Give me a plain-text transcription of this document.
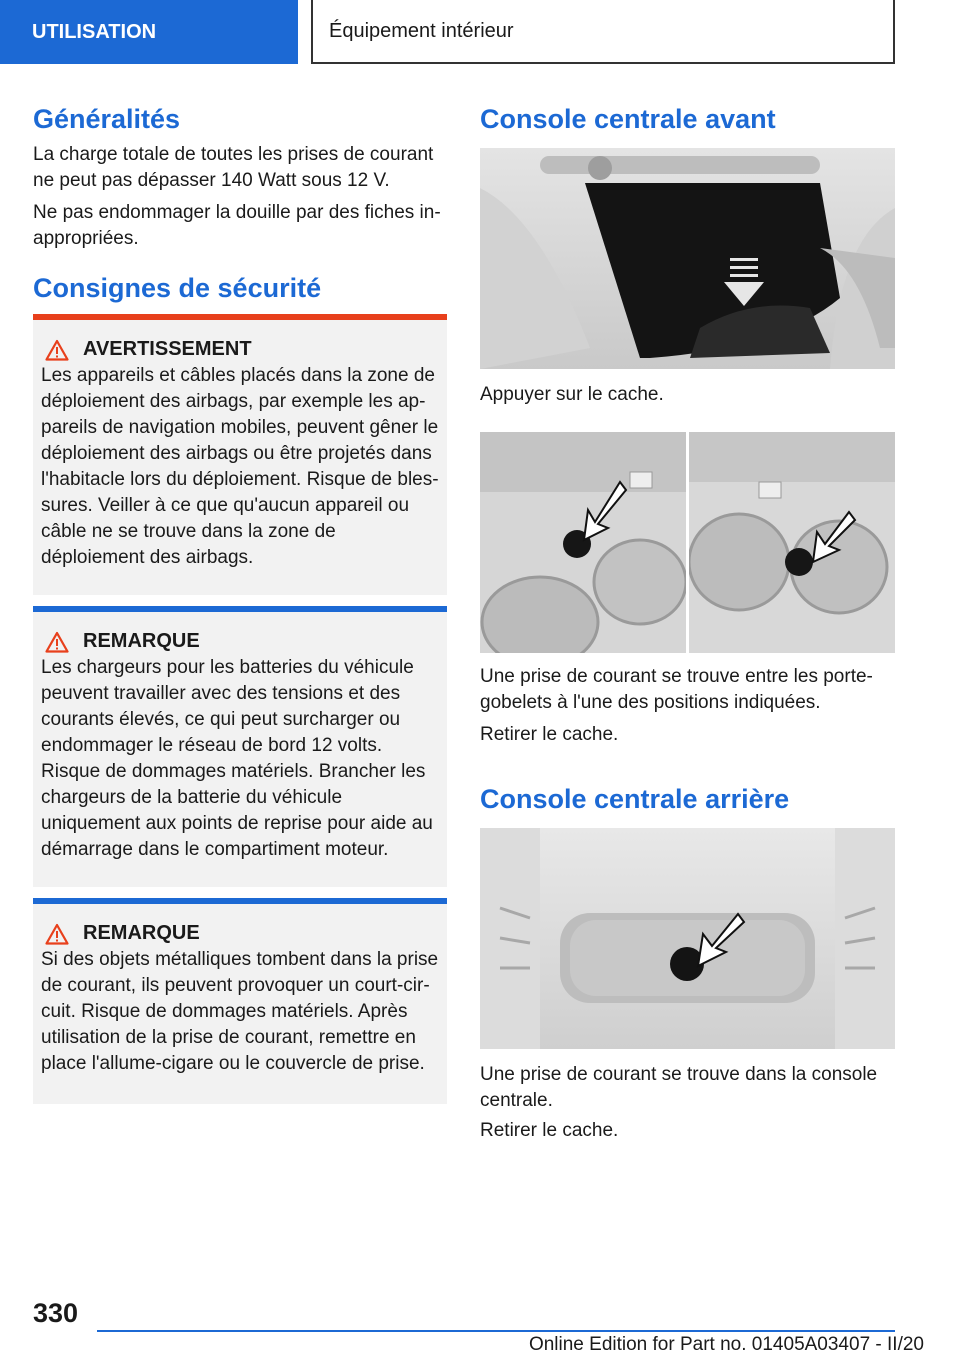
UTILISATION	Équipement intérieur
Généralités

La charge totale de toutes les prises de courant ne peut pas dépasser 140 Watt sous 12 V.

Ne pas endommager la douille par des fiches inappropriées.

Consignes de sécurité
AVERTISSEMENT
Les appareils et câbles placés dans la zone de déploiement des airbags, par exemple les appareils de navigation mobiles, peuvent gêner le déploiement des airbags ou être projetés dans l'habitacle lors du déploiement. Risque de blessures. Veiller à ce que qu'aucun appareil ou câble ne se trouve dans la zone de déploiement des airbags.
REMARQUE
Les chargeurs pour les batteries du véhicule peuvent travailler avec des tensions et des courants élevés, ce qui peut surcharger ou endommager le réseau de bord 12 volts. Risque de dommages matériels. Brancher les chargeurs de la batterie du véhicule uniquement aux points de reprise pour aide au démarrage dans le compartiment moteur.
REMARQUE
Si des objets métalliques tombent dans la prise de courant, ils peuvent provoquer un court-circuit. Risque de dommages matériels. Après utilisation de la prise de courant, remettre en place l'allume-cigare ou le couvercle de prise.
Console centrale avant

Appuyer sur le cache.

Une prise de courant se trouve entre les porte-gobelets à l'une des positions indiquées.

Retirer le cache.

Console centrale arrière

Une prise de courant se trouve dans la console centrale.

Retirer le cache.

330
Online Edition for Part no. 01405A03407 - II/20
